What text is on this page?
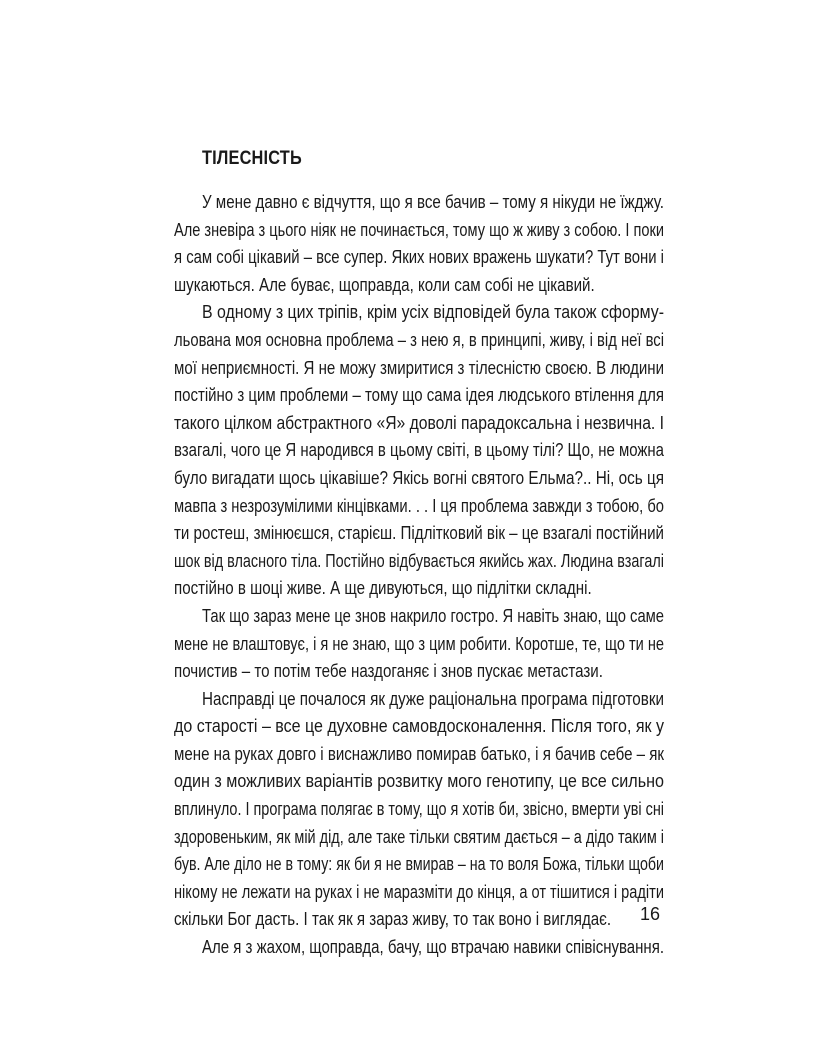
ТІЛЕСНІСТЬ
У мене давно є відчуття, що я все бачив – тому я нікуди не їжджу.
Але зневіра з цього ніяк не починається, тому що ж живу з собою. І поки
я сам собі цікавий – все супер. Яких нових вражень шукати? Тут вони і
шукаються. Але буває, щоправда, коли сам собі не цікавий.
В одному з цих тріпів, крім усіх відповідей була також сформу-
льована моя основна проблема – з нею я, в принципі, живу, і від неї всі
мої неприємності. Я не можу змиритися з тілесністю своєю. В людини
постійно з цим проблеми – тому що сама ідея людського втілення для
такого цілком абстрактного «Я» доволі парадоксальна і незвична. І
взагалі, чого це Я народився в цьому світі, в цьому тілі? Що, не можна
було вигадати щось цікавіше? Якісь вогні святого Ельма?.. Ні, ось ця
мавпа з незрозумілими кінцівками. . . І ця проблема завжди з тобою, бо
ти ростеш, змінюєшся, старієш. Підлітковий вік – це взагалі постійний
шок від власного тіла. Постійно відбувається якийсь жах. Людина взагалі
постійно в шоці живе. А ще дивуються, що підлітки складні.
Так що зараз мене це знов накрило гостро. Я навіть знаю, що саме
мене не влаштовує, і я не знаю, що з цим робити. Коротше, те, що ти не
почистив – то потім тебе наздоганяє і знов пускає метастази.
Насправді це почалося як дуже раціональна програма підготовки
до старості – все це духовне самовдосконалення. Після того, як у
мене на руках довго і виснажливо помирав батько, і я бачив себе – як
один з можливих варіантів розвитку мого генотипу, це все сильно
вплинуло. І програма полягає в тому, що я хотів би, звісно, вмерти уві сні
здоровеньким, як мій дід, але таке тільки святим дається – а дідо таким і
був. Але діло не в тому: як би я не вмирав – на то воля Божа, тільки щоби
нікому не лежати на руках і не маразміти до кінця, а от тішитися і радіти
скільки Бог дасть. І так як я зараз живу, то так воно і виглядає.
Але я з жахом, щоправда, бачу, що втрачаю навики співіснування.
16
